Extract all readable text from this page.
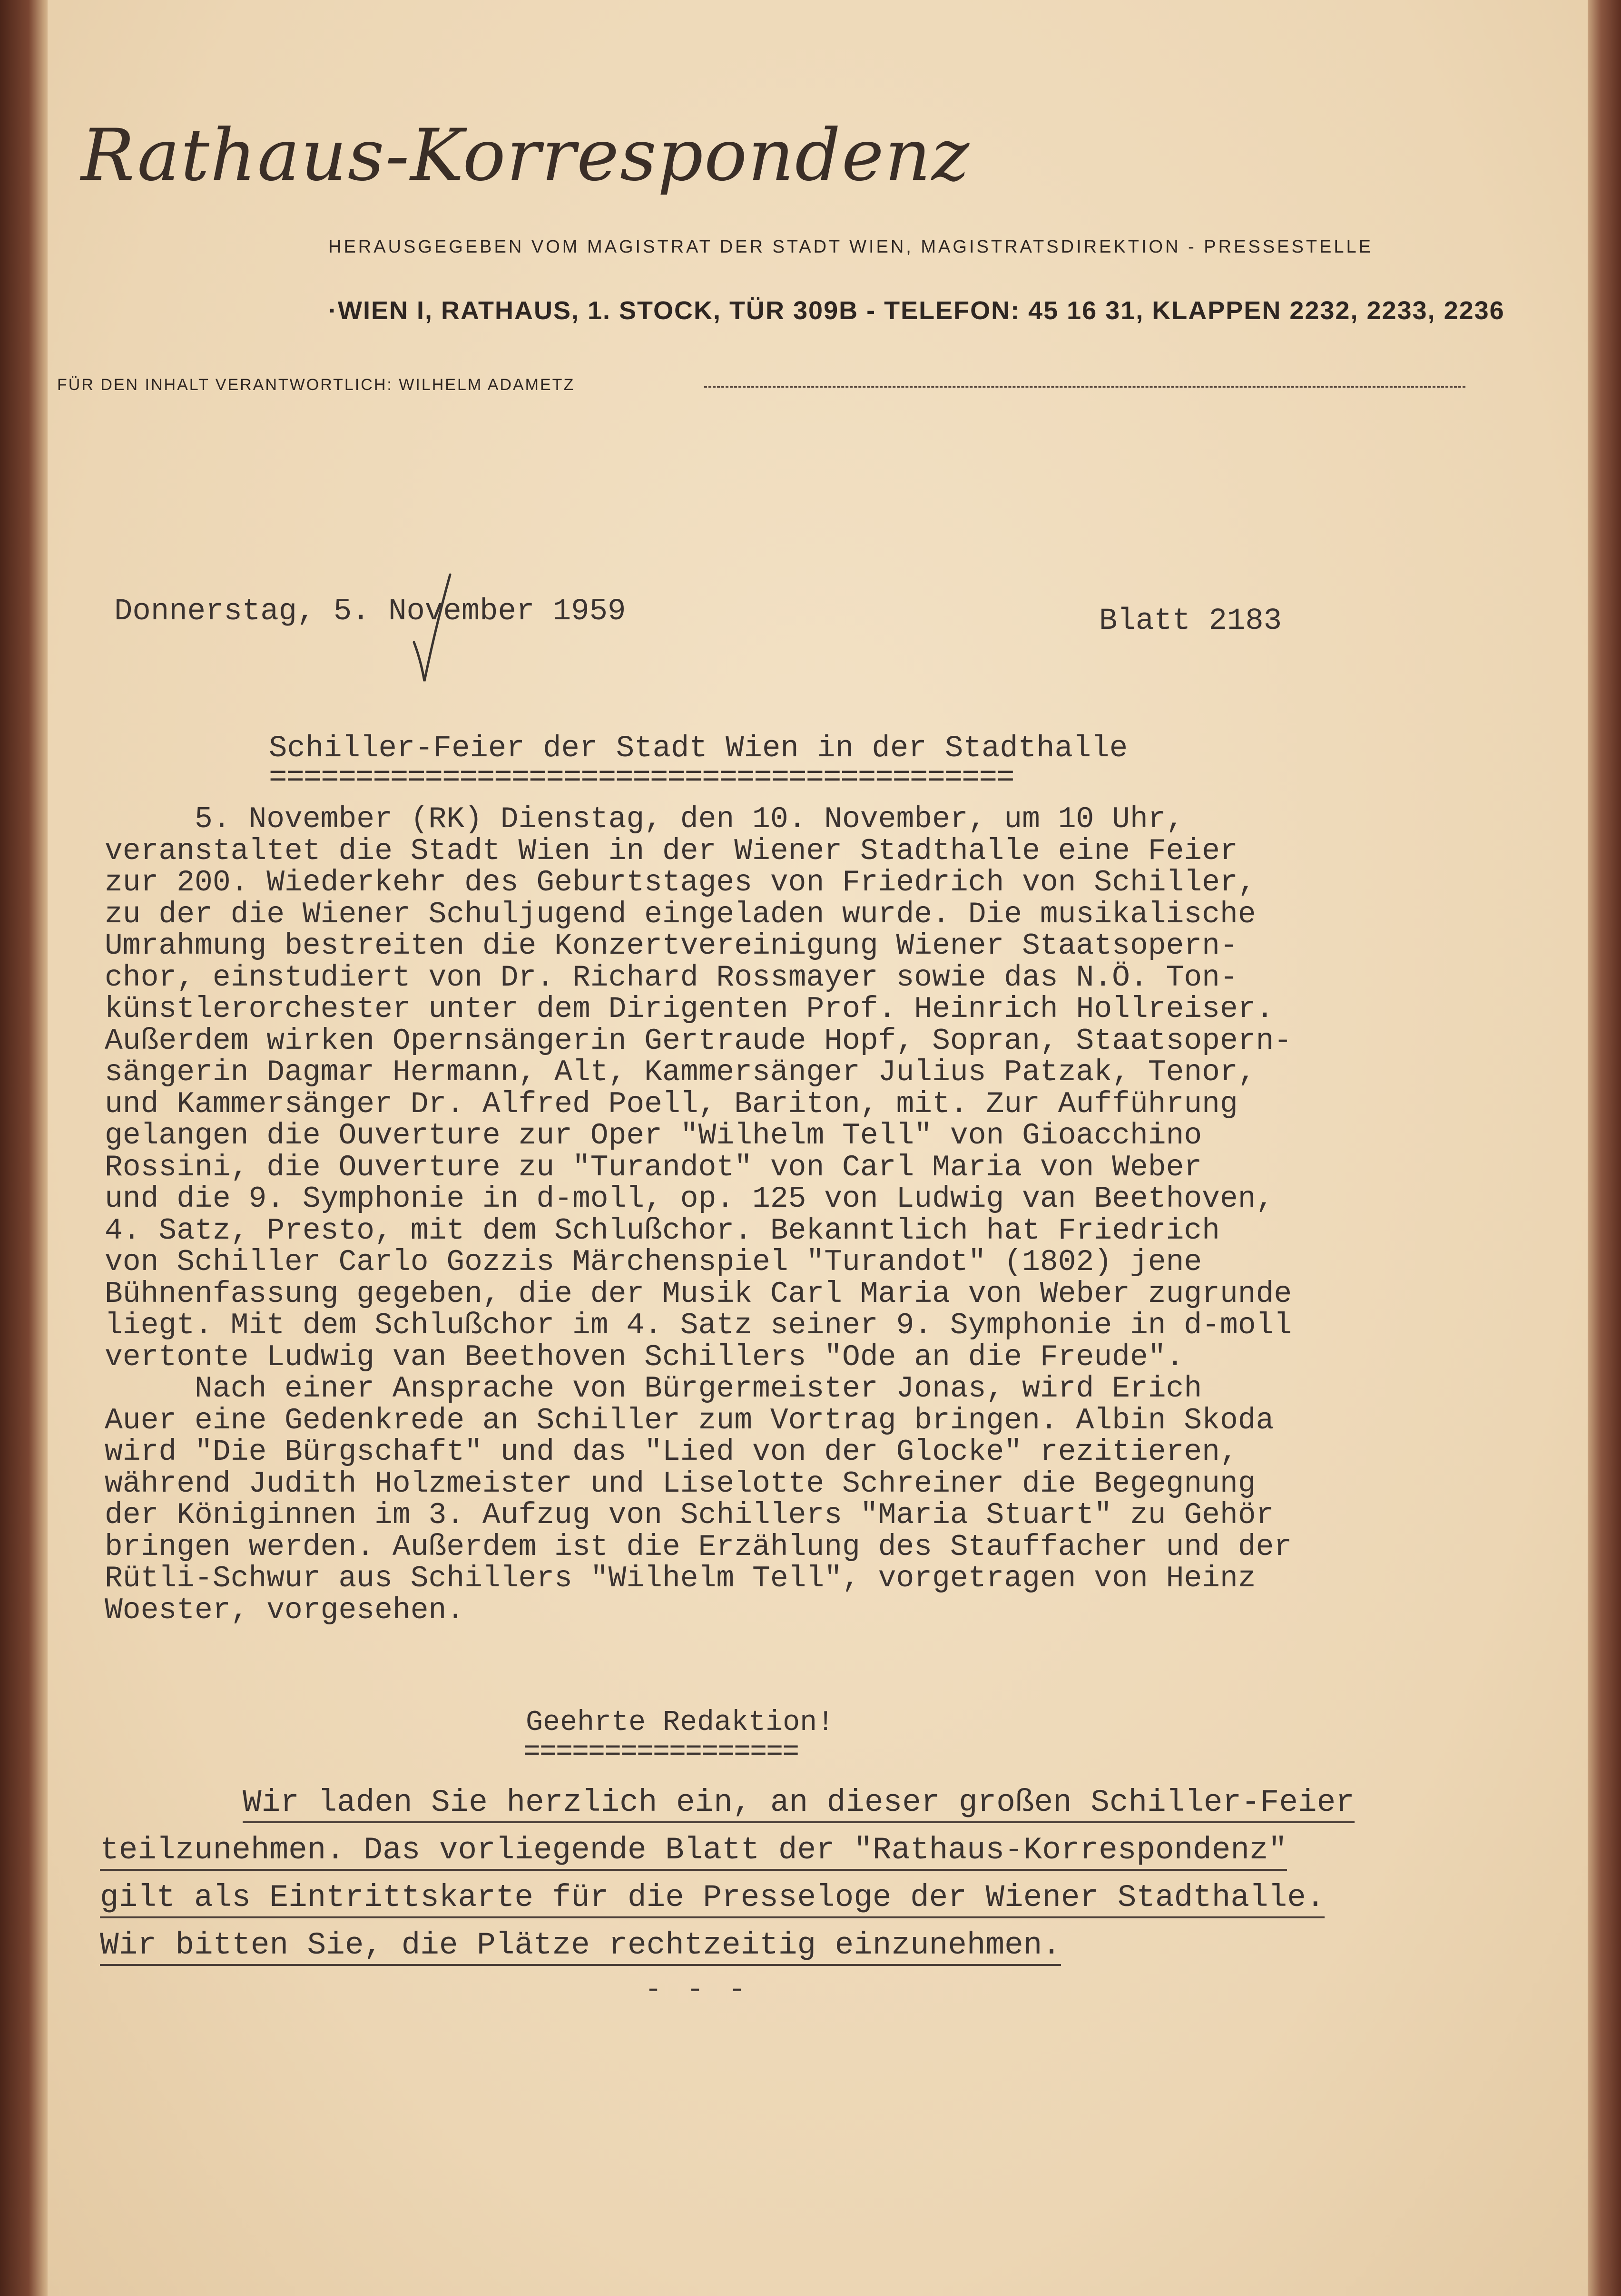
Rathaus-Korrespondenz
HERAUSGEGEBEN VOM MAGISTRAT DER STADT WIEN, MAGISTRATSDIREKTION - PRESSESTELLE
·WIEN I, RATHAUS, 1. STOCK, TÜR 309B - TELEFON: 45 16 31, KLAPPEN 2232, 2233, 2236
FÜR DEN INHALT VERANTWORTLICH: WILHELM ADAMETZ
Donnerstag, 5. November 1959	Blatt 2183
Schiller-Feier der Stadt Wien in der Stadthalle
===========================================

5. November (RK) Dienstag, den 10. November, um 10 Uhr,

veranstaltet die Stadt Wien in der Wiener Stadthalle eine Feier

zur 200. Wiederkehr des Geburtstages von Friedrich von Schiller,

zu der die Wiener Schuljugend eingeladen wurde. Die musikalische

Umrahmung bestreiten die Konzertvereinigung Wiener Staatsopern-

chor, einstudiert von Dr. Richard Rossmayer sowie das N.Ö. Ton-

künstlerorchester unter dem Dirigenten Prof. Heinrich Hollreiser.

Außerdem wirken Opernsängerin Gertraude Hopf, Sopran, Staatsopern-

sängerin Dagmar Hermann, Alt, Kammersänger Julius Patzak, Tenor,

und Kammersänger Dr. Alfred Poell, Bariton, mit. Zur Aufführung

gelangen die Ouverture zur Oper "Wilhelm Tell" von Gioacchino

Rossini, die Ouverture zu "Turandot" von Carl Maria von Weber

und die 9. Symphonie in d-moll, op. 125 von Ludwig van Beethoven,

4. Satz, Presto, mit dem Schlußchor. Bekanntlich hat Friedrich

von Schiller Carlo Gozzis Märchenspiel "Turandot" (1802) jene

Bühnenfassung gegeben, die der Musik Carl Maria von Weber zugrunde

liegt. Mit dem Schlußchor im 4. Satz seiner 9. Symphonie in d-moll

vertonte Ludwig van Beethoven Schillers "Ode an die Freude".

Nach einer Ansprache von Bürgermeister Jonas, wird Erich

Auer eine Gedenkrede an Schiller zum Vortrag bringen. Albin Skoda

wird "Die Bürgschaft" und das "Lied von der Glocke" rezitieren,

während Judith Holzmeister und Liselotte Schreiner die Begegnung

der Königinnen im 3. Aufzug von Schillers "Maria Stuart" zu Gehör

bringen werden. Außerdem ist die Erzählung des Stauffacher und der

Rütli-Schwur aus Schillers "Wilhelm Tell", vorgetragen von Heinz

Woester, vorgesehen.

Geehrte Redaktion!
=================

Wir laden Sie herzlich ein, an dieser großen Schiller-Feier

teilzunehmen. Das vorliegende Blatt der "Rathaus-Korrespondenz"

gilt als Eintrittskarte für die Presseloge der Wiener Stadthalle.

Wir bitten Sie, die Plätze rechtzeitig einzunehmen.

- - -
